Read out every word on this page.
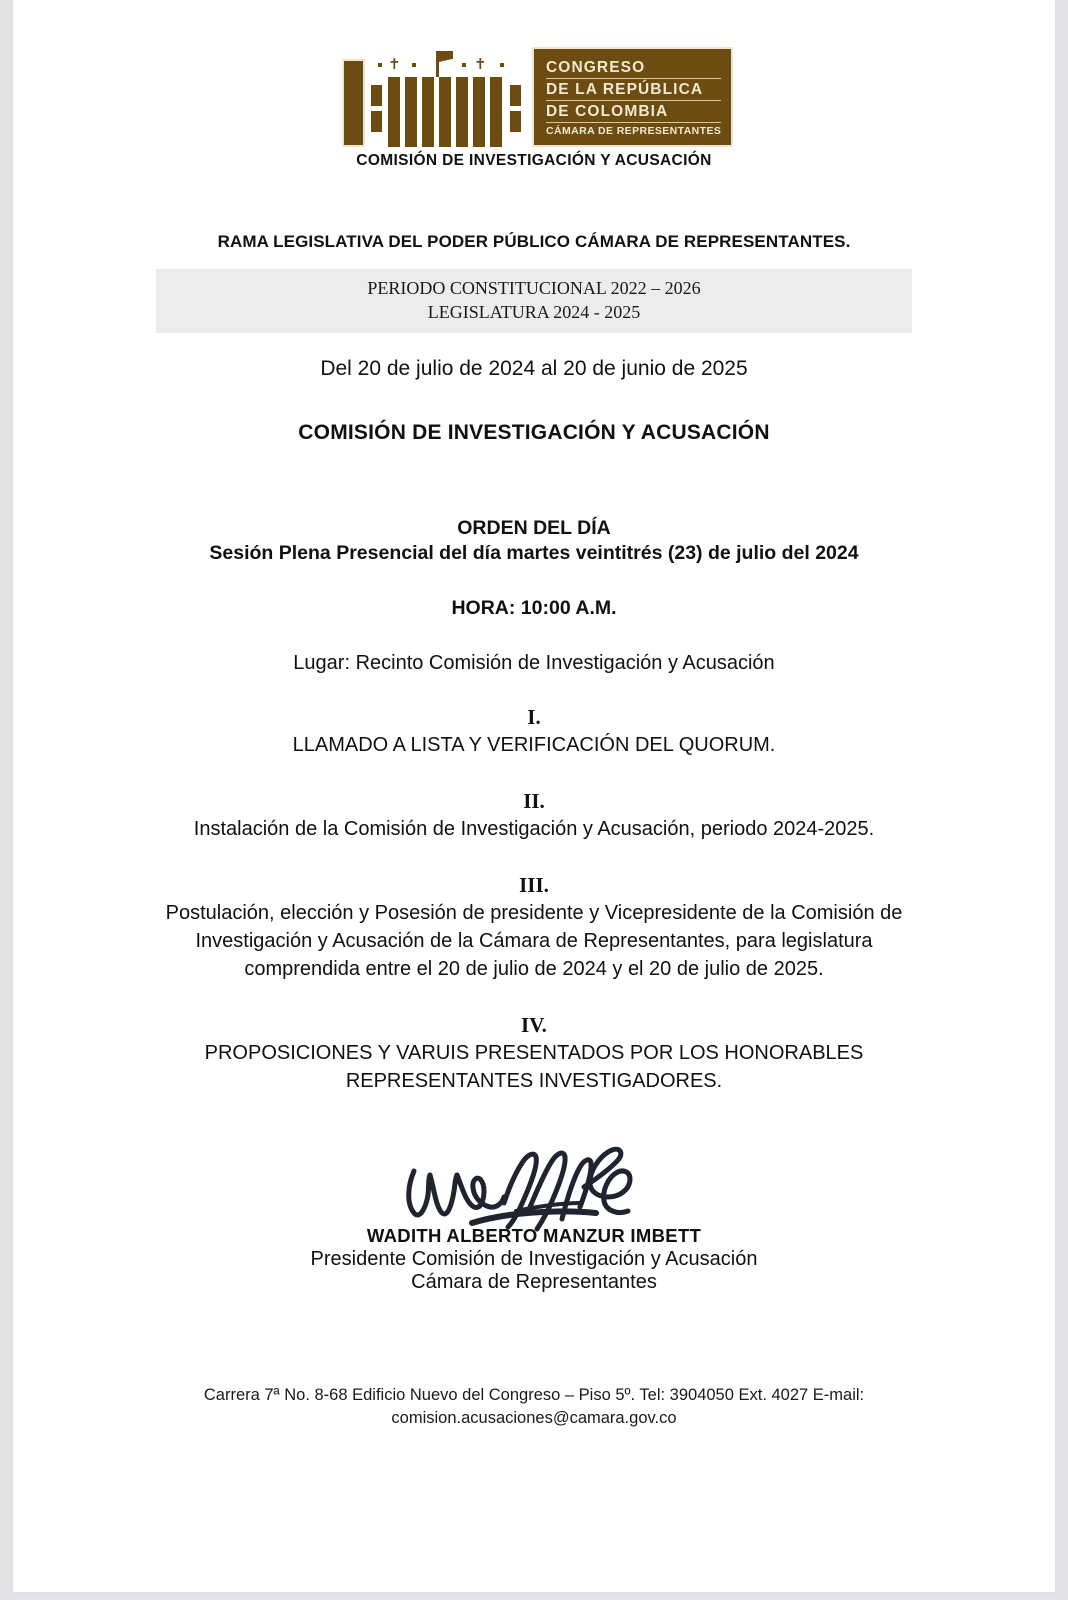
✝	✝	CONGRESO
DE LA REPÚBLICA
DE COLOMBIA
CÁMARA DE REPRESENTANTES
COMISIÓN DE INVESTIGACIÓN Y ACUSACIÓN
RAMA LEGISLATIVA DEL PODER PÚBLICO CÁMARA DE REPRESENTANTES.
PERIODO CONSTITUCIONAL 2022 – 2026
LEGISLATURA 2024 - 2025
Del 20 de julio de 2024 al 20 de junio de 2025
COMISIÓN DE INVESTIGACIÓN Y ACUSACIÓN
ORDEN DEL DÍA
Sesión Plena Presencial del día martes veintitrés (23) de julio del 2024
HORA: 10:00 A.M.
Lugar: Recinto Comisión de Investigación y Acusación
I.
LLAMADO A LISTA Y VERIFICACIÓN DEL QUORUM.
II.
Instalación de la Comisión de Investigación y Acusación, periodo 2024-2025.
III.
Postulación, elección y Posesión de presidente y Vicepresidente de la Comisión de Investigación y Acusación de la Cámara de Representantes, para legislatura comprendida entre el 20 de julio de 2024 y el 20 de julio de 2025.
IV.
PROPOSICIONES Y VARUIS PRESENTADOS POR LOS HONORABLES REPRESENTANTES INVESTIGADORES.
WADITH ALBERTO MANZUR IMBETT
Presidente Comisión de Investigación y Acusación
Cámara de Representantes
Carrera 7ª No. 8-68 Edificio Nuevo del Congreso – Piso 5º. Tel: 3904050 Ext. 4027 E-mail:
comision.acusaciones@camara.gov.co
